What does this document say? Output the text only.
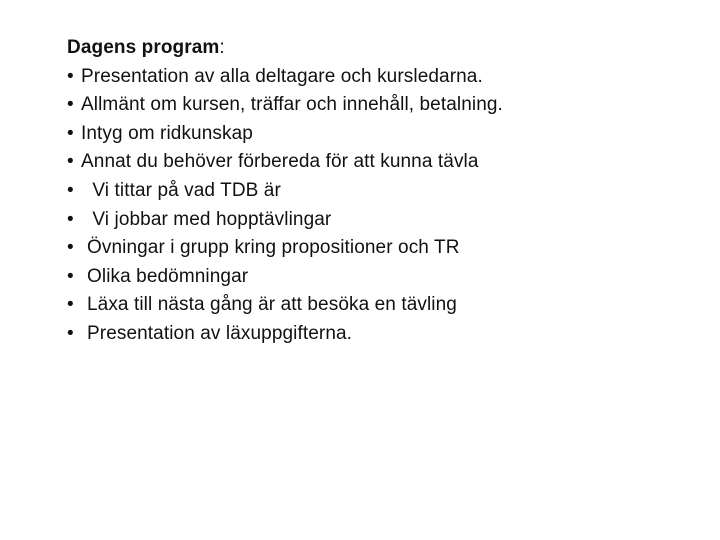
Dagens program:
• Presentation av alla deltagare och kursledarna.
• Allmänt om kursen, träffar och innehåll, betalning.
• Intyg om ridkunskap
• Annat du behöver förbereda för att kunna tävla
• Vi tittar på vad TDB är
• Vi jobbar med hopptävlingar
• Övningar i grupp kring propositioner och TR
• Olika bedömningar
• Läxa till nästa gång är att besöka en tävling
• Presentation av läxuppgifterna.
